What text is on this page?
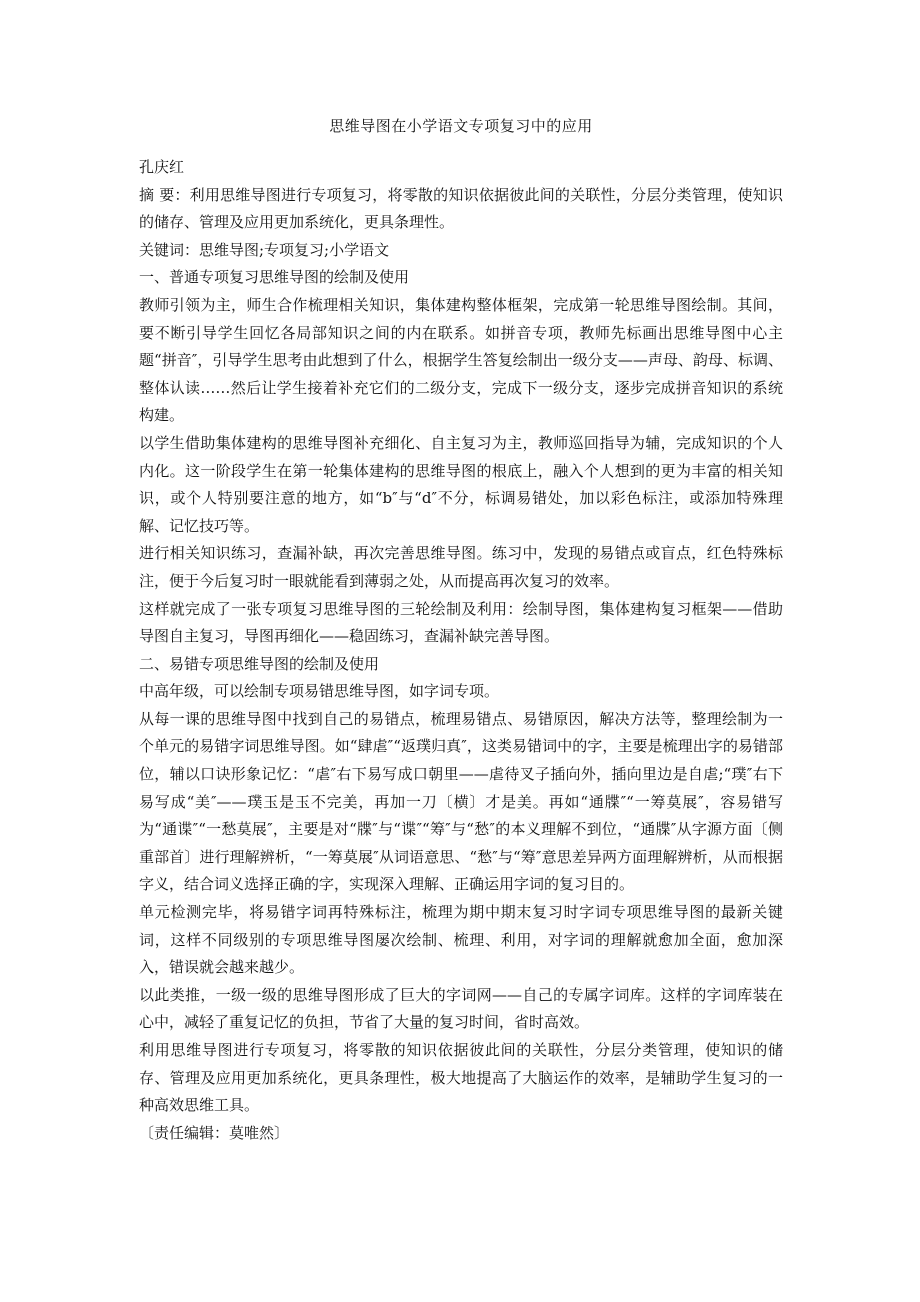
思维导图在小学语文专项复习中的应用

孔庆红

摘 要：利用思维导图进行专项复习，将零散的知识依据彼此间的关联性，分层分类管理，使知识的储存、管理及应用更加系统化，更具条理性。

关键词：思维导图;专项复习;小学语文

一、普通专项复习思维导图的绘制及使用

教师引领为主，师生合作梳理相关知识，集体建构整体框架，完成第一轮思维导图绘制。其间，要不断引导学生回忆各局部知识之间的内在联系。如拼音专项，教师先标画出思维导图中心主题“拼音″，引导学生思考由此想到了什么，根据学生答复绘制出一级分支——声母、韵母、标调、整体认读……然后让学生接着补充它们的二级分支，完成下一级分支，逐步完成拼音知识的系统构建。

以学生借助集体建构的思维导图补充细化、自主复习为主，教师巡回指导为辅，完成知识的个人内化。这一阶段学生在第一轮集体建构的思维导图的根底上，融入个人想到的更为丰富的相关知识，或个人特别要注意的地方，如“b″与“d″不分，标调易错处，加以彩色标注，或添加特殊理解、记忆技巧等。

进行相关知识练习，查漏补缺，再次完善思维导图。练习中，发现的易错点或盲点，红色特殊标注，便于今后复习时一眼就能看到薄弱之处，从而提高再次复习的效率。

这样就完成了一张专项复习思维导图的三轮绘制及利用：绘制导图，集体建构复习框架——借助导图自主复习，导图再细化——稳固练习，查漏补缺完善导图。

二、易错专项思维导图的绘制及使用

中高年级，可以绘制专项易错思维导图，如字词专项。

从每一课的思维导图中找到自己的易错点，梳理易错点、易错原因，解决方法等，整理绘制为一个单元的易错字词思维导图。如“肆虐″“返璞归真″，这类易错词中的字，主要是梳理出字的易错部位，辅以口诀形象记忆：“虐″右下易写成口朝里——虐待叉子插向外，插向里边是自虐;“璞″右下易写成“美″——璞玉是玉不完美，再加一刀〔横〕才是美。再如“通牒″“一筹莫展″，容易错写为“通谍″“一愁莫展″，主要是对“牒″与“谍″“筹″与“愁″的本义理解不到位，“通牒″从字源方面〔侧重部首〕进行理解辨析，“一筹莫展″从词语意思、“愁″与“筹″意思差异两方面理解辨析，从而根据字义，结合词义选择正确的字，实现深入理解、正确运用字词的复习目的。

单元检测完毕，将易错字词再特殊标注，梳理为期中期末复习时字词专项思维导图的最新关键词，这样不同级别的专项思维导图屡次绘制、梳理、利用，对字词的理解就愈加全面，愈加深入，错误就会越来越少。

以此类推，一级一级的思维导图形成了巨大的字词网——自己的专属字词库。这样的字词库装在心中，减轻了重复记忆的负担，节省了大量的复习时间，省时高效。

利用思维导图进行专项复习，将零散的知识依据彼此间的关联性，分层分类管理，使知识的储存、管理及应用更加系统化，更具条理性，极大地提高了大脑运作的效率，是辅助学生复习的一种高效思维工具。

〔责任编辑：莫唯然〕
